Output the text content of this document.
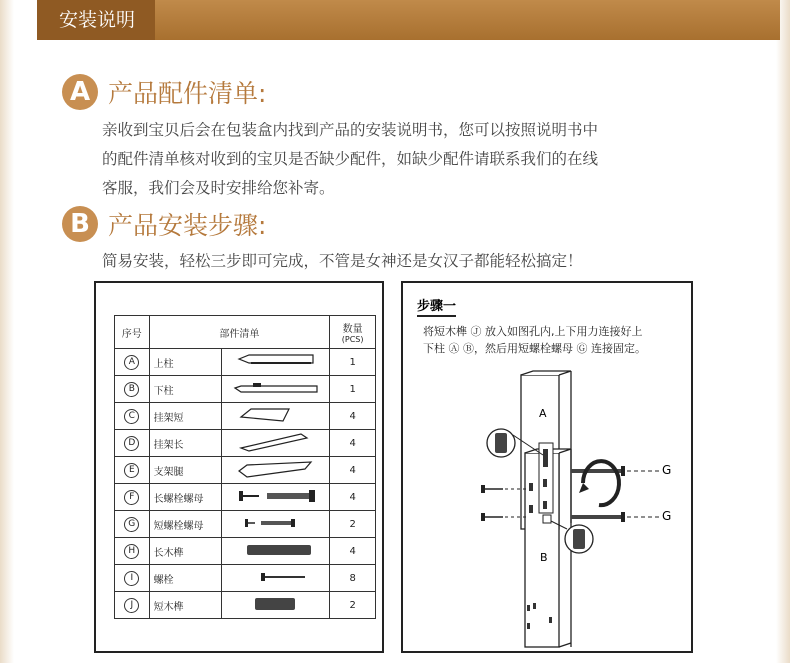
安装说明
A 产品配件清单:
亲收到宝贝后会在包装盒内找到产品的安装说明书，您可以按照说明书中
的配件清单核对收到的宝贝是否缺少配件，如缺少配件请联系我们的在线
客服，我们会及时安排给您补寄。
B 产品安装步骤:
简易安装，轻松三步即可完成，不管是女神还是女汉子都能轻松搞定！
序号	部件清单		数量
(PCS)

A	上柱		1
B	下柱		1
C	挂架短		4
D	挂架长		4
E	支架腿		4
F	长螺栓螺母		4
G	短螺栓螺母		2
H	长木榫		4
I	螺栓		8
J	短木榫		2
步骤一
将短木榫 Ⓙ 放入如图孔内,上下用力连接好上
下柱 Ⓐ Ⓑ，然后用短螺栓螺母 Ⓖ 连接固定。
A
B
G
G
